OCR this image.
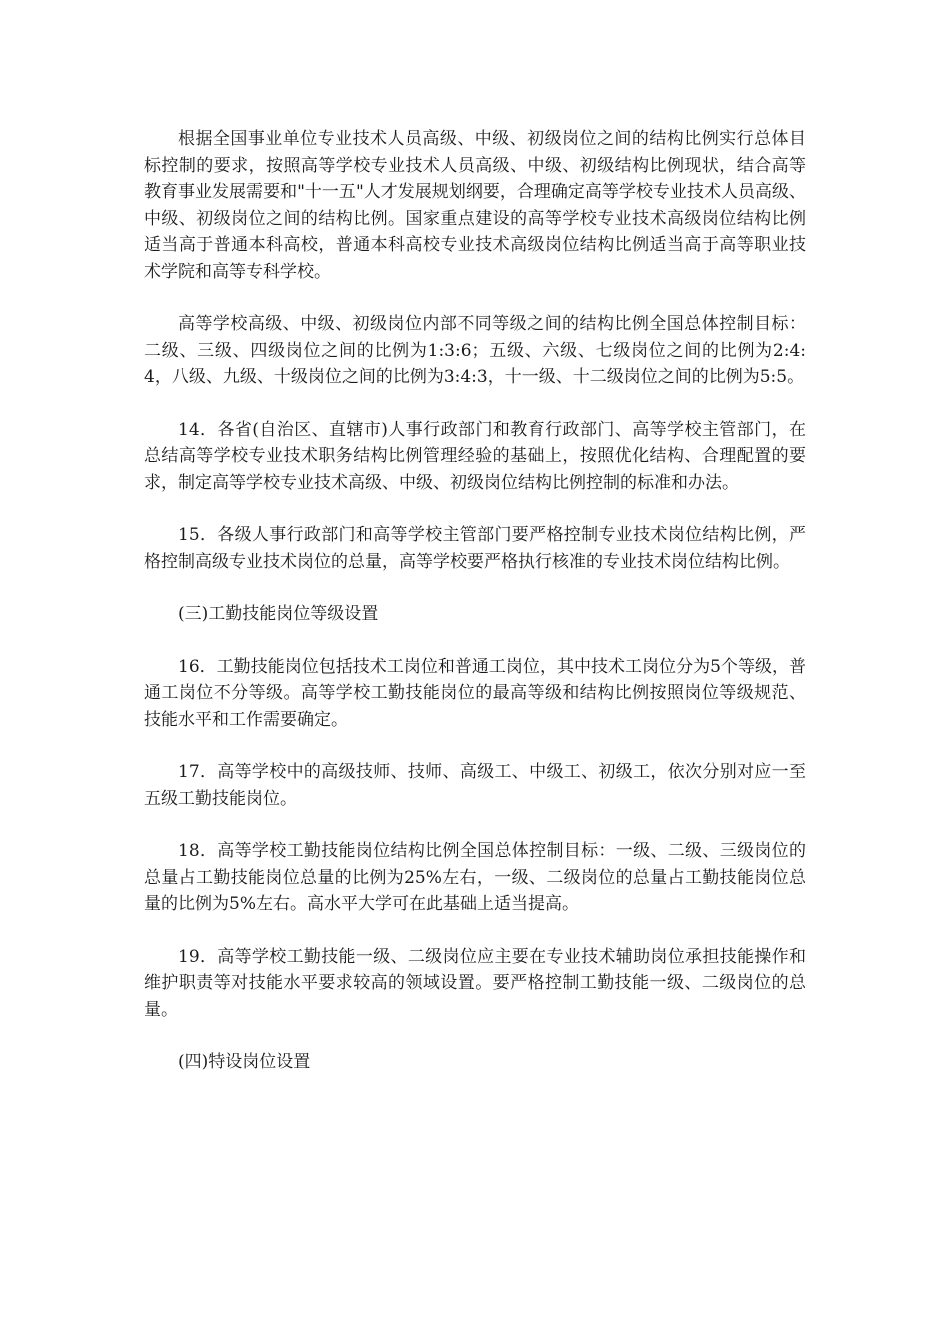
根据全国事业单位专业技术人员高级、中级、初级岗位之间的结构比例实行总体目标控制的要求，按照高等学校专业技术人员高级、中级、初级结构比例现状，结合高等教育事业发展需要和"十一五"人才发展规划纲要，合理确定高等学校专业技术人员高级、中级、初级岗位之间的结构比例。国家重点建设的高等学校专业技术高级岗位结构比例适当高于普通本科高校，普通本科高校专业技术高级岗位结构比例适当高于高等职业技术学院和高等专科学校。

高等学校高级、中级、初级岗位内部不同等级之间的结构比例全国总体控制目标：二级、三级、四级岗位之间的比例为1:3:6；五级、六级、七级岗位之间的比例为2:4:4，八级、九级、十级岗位之间的比例为3:4:3，十一级、十二级岗位之间的比例为5:5。

14．各省(自治区、直辖市)人事行政部门和教育行政部门、高等学校主管部门，在总结高等学校专业技术职务结构比例管理经验的基础上，按照优化结构、合理配置的要求，制定高等学校专业技术高级、中级、初级岗位结构比例控制的标准和办法。

15．各级人事行政部门和高等学校主管部门要严格控制专业技术岗位结构比例，严格控制高级专业技术岗位的总量，高等学校要严格执行核准的专业技术岗位结构比例。

(三)工勤技能岗位等级设置

16．工勤技能岗位包括技术工岗位和普通工岗位，其中技术工岗位分为5个等级，普通工岗位不分等级。高等学校工勤技能岗位的最高等级和结构比例按照岗位等级规范、技能水平和工作需要确定。

17．高等学校中的高级技师、技师、高级工、中级工、初级工，依次分别对应一至五级工勤技能岗位。

18．高等学校工勤技能岗位结构比例全国总体控制目标：一级、二级、三级岗位的总量占工勤技能岗位总量的比例为25%左右，一级、二级岗位的总量占工勤技能岗位总量的比例为5%左右。高水平大学可在此基础上适当提高。

19．高等学校工勤技能一级、二级岗位应主要在专业技术辅助岗位承担技能操作和维护职责等对技能水平要求较高的领域设置。要严格控制工勤技能一级、二级岗位的总量。

(四)特设岗位设置
